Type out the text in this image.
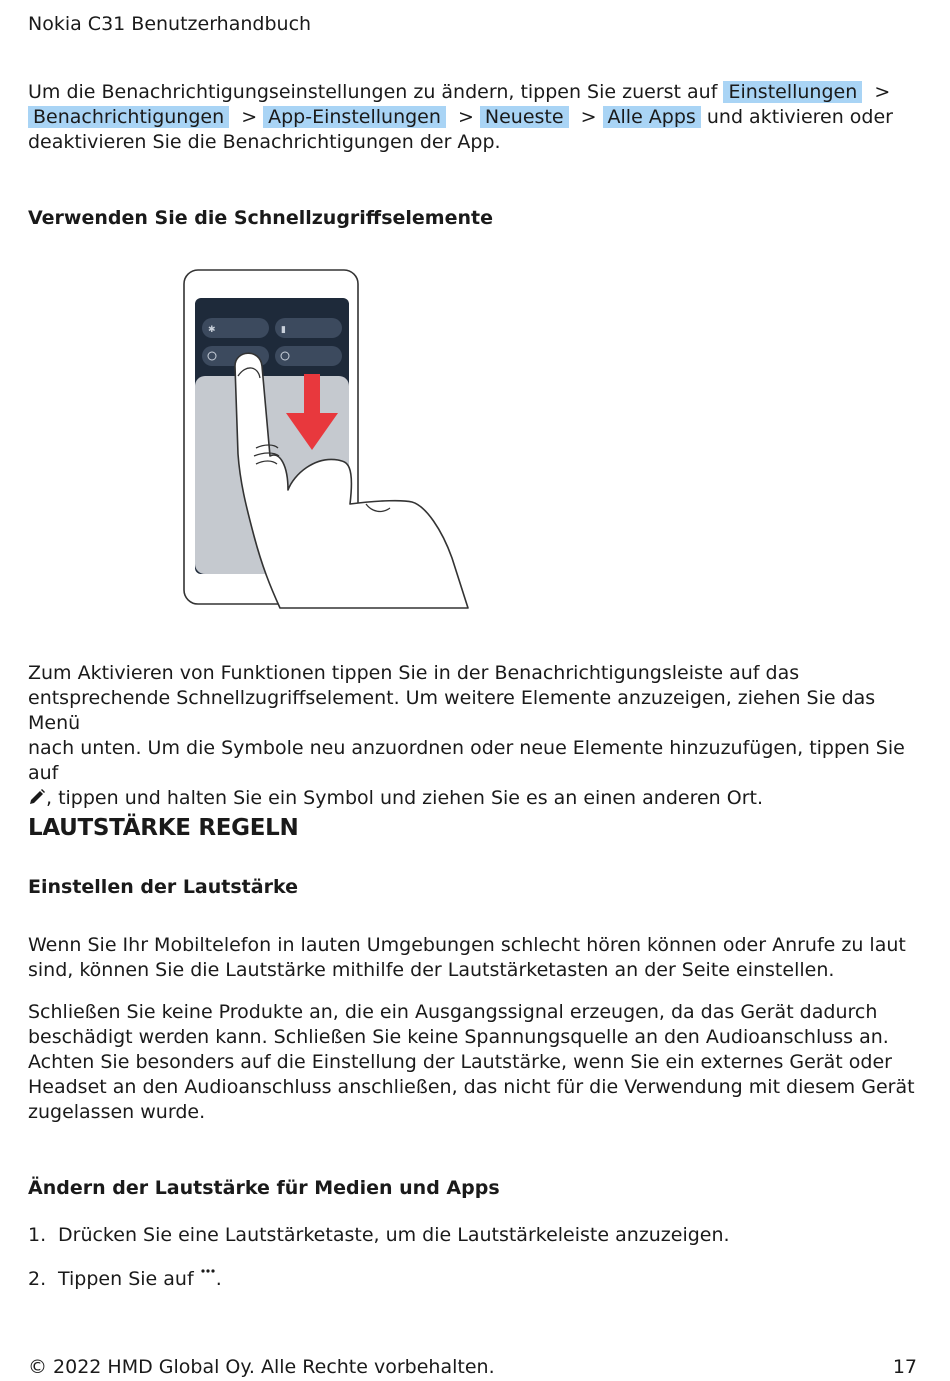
Nokia C31 Benutzerhandbuch
Um die Benachrichtigungseinstellungen zu ändern, tippen Sie zuerst auf Einstellungen >
Benachrichtigungen > App-Einstellungen > Neueste > Alle Apps und aktivieren oder
deaktivieren Sie die Benachrichtigungen der App.
Verwenden Sie die Schnellzugriffselemente
✱	▮
Zum Aktivieren von Funktionen tippen Sie in der Benachrichtigungsleiste auf das
entsprechende Schnellzugriffselement. Um weitere Elemente anzuzeigen, ziehen Sie das Menü
nach unten. Um die Symbole neu anzuordnen oder neue Elemente hinzuzufügen, tippen Sie auf
, tippen und halten Sie ein Symbol und ziehen Sie es an einen anderen Ort.
LAUTSTÄRKE REGELN
Einstellen der Lautstärke
Wenn Sie Ihr Mobiltelefon in lauten Umgebungen schlecht hören können oder Anrufe zu laut
sind, können Sie die Lautstärke mithilfe der Lautstärketasten an der Seite einstellen.
Schließen Sie keine Produkte an, die ein Ausgangssignal erzeugen, da das Gerät dadurch
beschädigt werden kann. Schließen Sie keine Spannungsquelle an den Audioanschluss an.
Achten Sie besonders auf die Einstellung der Lautstärke, wenn Sie ein externes Gerät oder
Headset an den Audioanschluss anschließen, das nicht für die Verwendung mit diesem Gerät
zugelassen wurde.
Ändern der Lautstärke für Medien und Apps
1. Drücken Sie eine Lautstärketaste, um die Lautstärkeleiste anzuzeigen.
2. Tippen Sie auf .
© 2022 HMD Global Oy. Alle Rechte vorbehalten.	17
